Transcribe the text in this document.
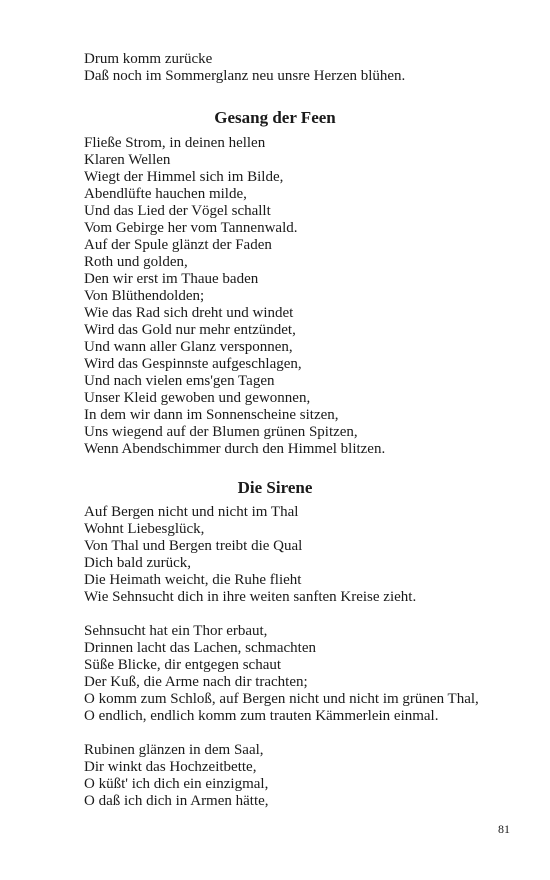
Drum komm zurücke
Daß noch im Sommerglanz neu unsre Herzen blühen.
Gesang der Feen
Fließe Strom, in deinen hellen
Klaren Wellen
Wiegt der Himmel sich im Bilde,
Abendlüfte hauchen milde,
Und das Lied der Vögel schallt
Vom Gebirge her vom Tannenwald.
Auf der Spule glänzt der Faden
Roth und golden,
Den wir erst im Thaue baden
Von Blüthendolden;
Wie das Rad sich dreht und windet
Wird das Gold nur mehr entzündet,
Und wann aller Glanz versponnen,
Wird das Gespinnste aufgeschlagen,
Und nach vielen ems'gen Tagen
Unser Kleid gewoben und gewonnen,
In dem wir dann im Sonnenscheine sitzen,
Uns wiegend auf der Blumen grünen Spitzen,
Wenn Abendschimmer durch den Himmel blitzen.
Die Sirene
Auf Bergen nicht und nicht im Thal
Wohnt Liebesglück,
Von Thal und Bergen treibt die Qual
Dich bald zurück,
Die Heimath weicht, die Ruhe flieht
Wie Sehnsucht dich in ihre weiten sanften Kreise zieht.
Sehnsucht hat ein Thor erbaut,
Drinnen lacht das Lachen, schmachten
Süße Blicke, dir entgegen schaut
Der Kuß, die Arme nach dir trachten;
O komm zum Schloß, auf Bergen nicht und nicht im grünen Thal,
O endlich, endlich komm zum trauten Kämmerlein einmal.
Rubinen glänzen in dem Saal,
Dir winkt das Hochzeitbette,
O küßt' ich dich ein einzigmal,
O daß ich dich in Armen hätte,
81
